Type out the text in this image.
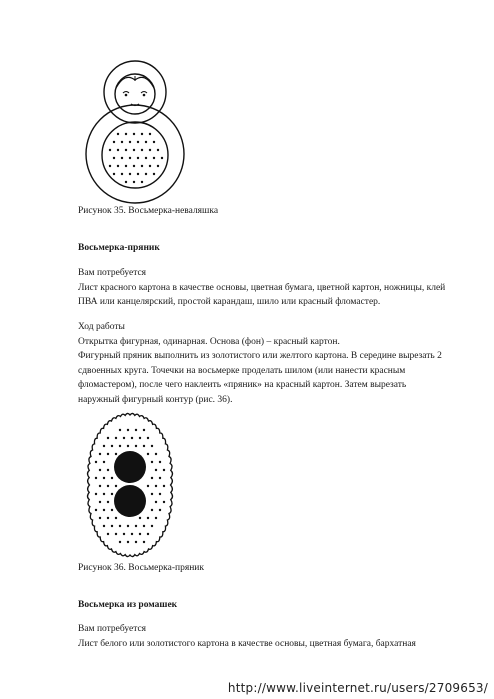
Рисунок 35. Восьмерка-неваляшка
Восьмерка-пряник

Вам потребуется

Лист красного картона в качестве основы, цветная бумага, цветной картон, ножницы, клей ПВА или канцелярский, простой карандаш, шило или красный фломастер.

Ход работы

Открытка фигурная, одинарная. Основа (фон) – красный картон.

Фигурный пряник выполнить из золотистого или желтого картона. В середине вырезать 2 сдвоенных круга. Точечки на восьмерке проделать шилом (или нанести красным фломастером), после чего наклеить «пряник» на красный картон. Затем вырезать наружный фигурный контур (рис. 36).

Рисунок 36. Восьмерка-пряник
Восьмерка из ромашек

Вам потребуется

Лист белого или золотистого картона в качестве основы, цветная бумага, бархатная

http://www.liveinternet.ru/users/2709653/
